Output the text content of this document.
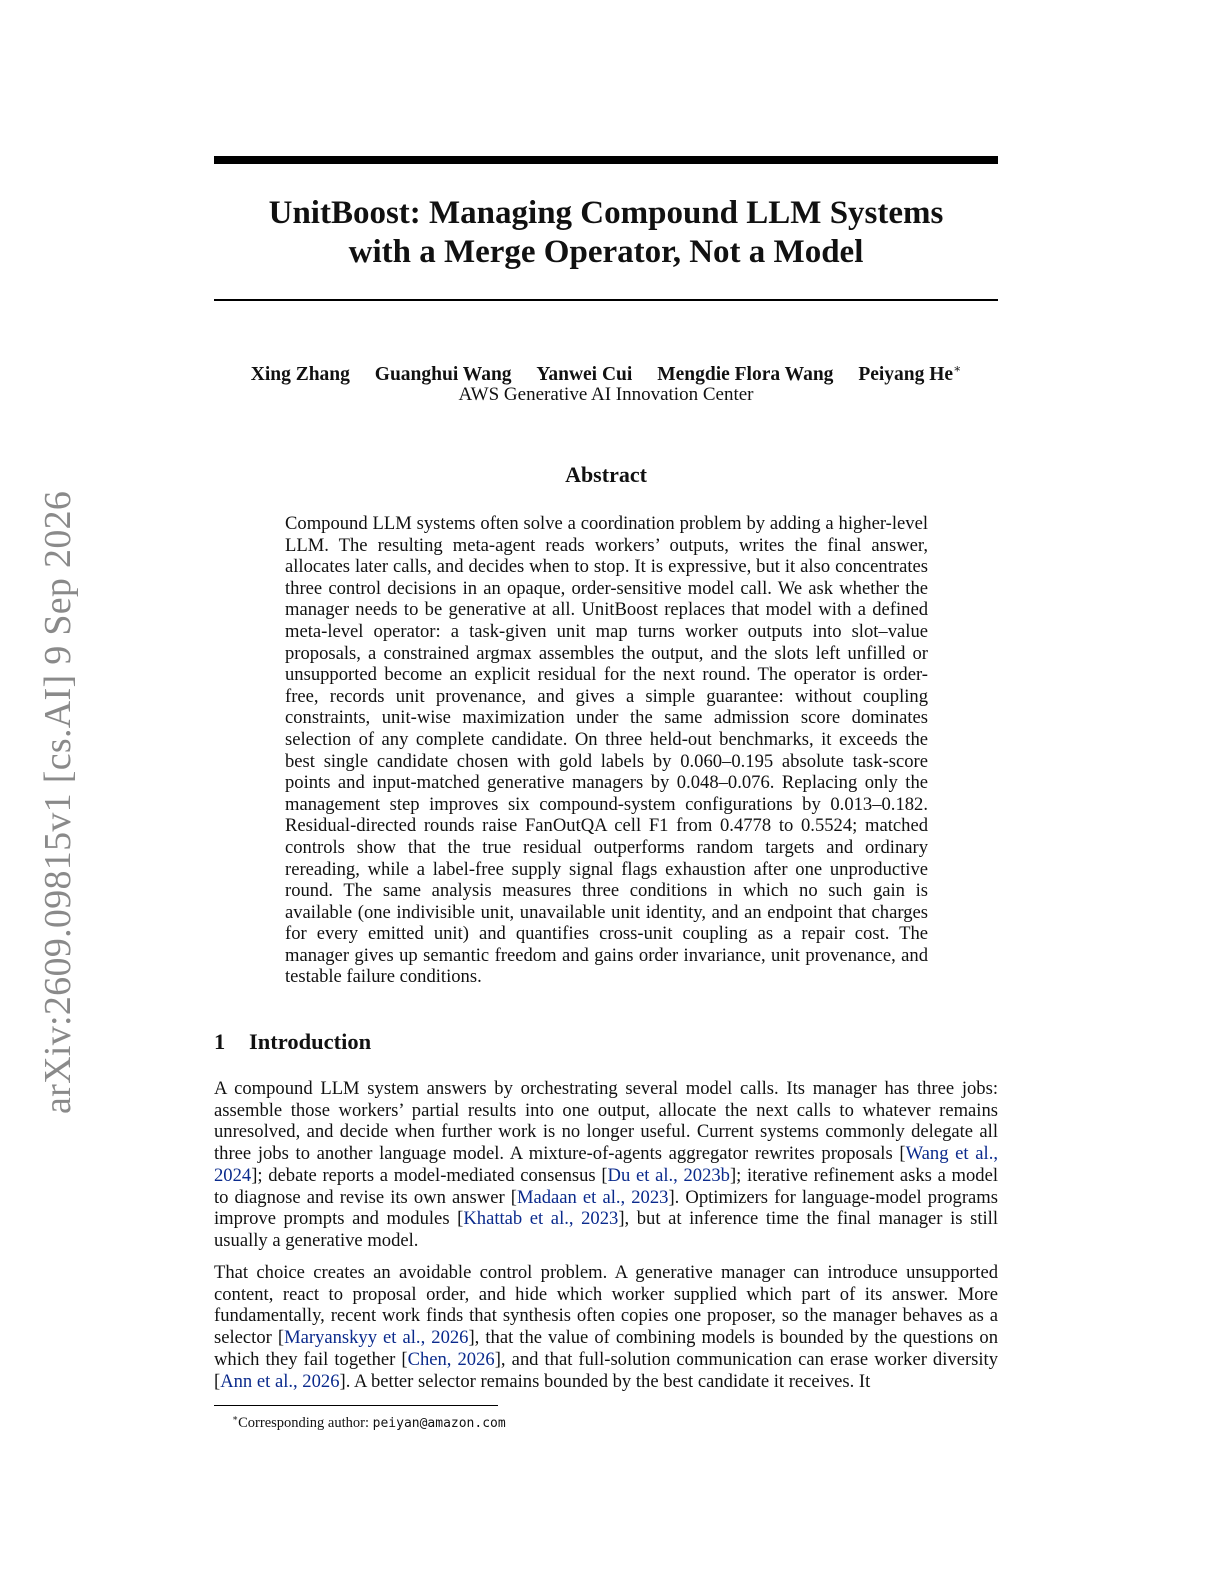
arXiv:2609.09815v1 [cs.AI] 9 Sep 2026
UnitBoost: Managing Compound LLM Systems
with a Merge Operator, Not a Model
Xing Zhang Guanghui Wang Yanwei Cui Mengdie Flora Wang Peiyang He∗
AWS Generative AI Innovation Center
Abstract

Compound LLM systems often solve a coordination problem by adding a higher-level LLM. The resulting meta-agent reads workers’ outputs, writes the final answer, allocates later calls, and decides when to stop. It is expressive, but it also concentrates three control decisions in an opaque, order-sensitive model call. We ask whether the manager needs to be generative at all. UnitBoost replaces that model with a defined meta-level operator: a task-given unit map turns worker outputs into slot–value proposals, a constrained argmax assembles the output, and the slots left unfilled or unsupported become an explicit residual for the next round. The operator is order-free, records unit provenance, and gives a simple guarantee: without coupling constraints, unit-wise maximization under the same admission score dominates selection of any complete candidate. On three held-out benchmarks, it exceeds the best single candidate chosen with gold labels by 0.060–0.195 absolute task-score points and input-matched generative managers by 0.048–0.076. Replacing only the management step improves six compound-system configurations by 0.013–0.182. Residual-directed rounds raise FanOutQA cell F1 from 0.4778 to 0.5524; matched controls show that the true residual outperforms random targets and ordinary rereading, while a label-free supply signal flags exhaustion after one unproductive round. The same analysis measures three conditions in which no such gain is available (one indivisible unit, unavailable unit identity, and an endpoint that charges for every emitted unit) and quantifies cross-unit coupling as a repair cost. The manager gives up semantic freedom and gains order invariance, unit provenance, and testable failure conditions.

1 Introduction

A compound LLM system answers by orchestrating several model calls. Its manager has three jobs: assemble those workers’ partial results into one output, allocate the next calls to whatever remains unresolved, and decide when further work is no longer useful. Current systems commonly delegate all three jobs to another language model. A mixture-of-agents aggregator rewrites proposals [Wang et al., 2024]; debate reports a model-mediated consensus [Du et al., 2023b]; iterative refinement asks a model to diagnose and revise its own answer [Madaan et al., 2023]. Optimizers for language-model programs improve prompts and modules [Khattab et al., 2023], but at inference time the final manager is still usually a generative model.

That choice creates an avoidable control problem. A generative manager can introduce unsupported content, react to proposal order, and hide which worker supplied which part of its answer. More fundamentally, recent work finds that synthesis often copies one proposer, so the manager behaves as a selector [Maryanskyy et al., 2026], that the value of combining models is bounded by the questions on which they fail together [Chen, 2026], and that full-solution communication can erase worker diversity [Ann et al., 2026]. A better selector remains bounded by the best candidate it receives. It

∗Corresponding author: peiyan@amazon.com
